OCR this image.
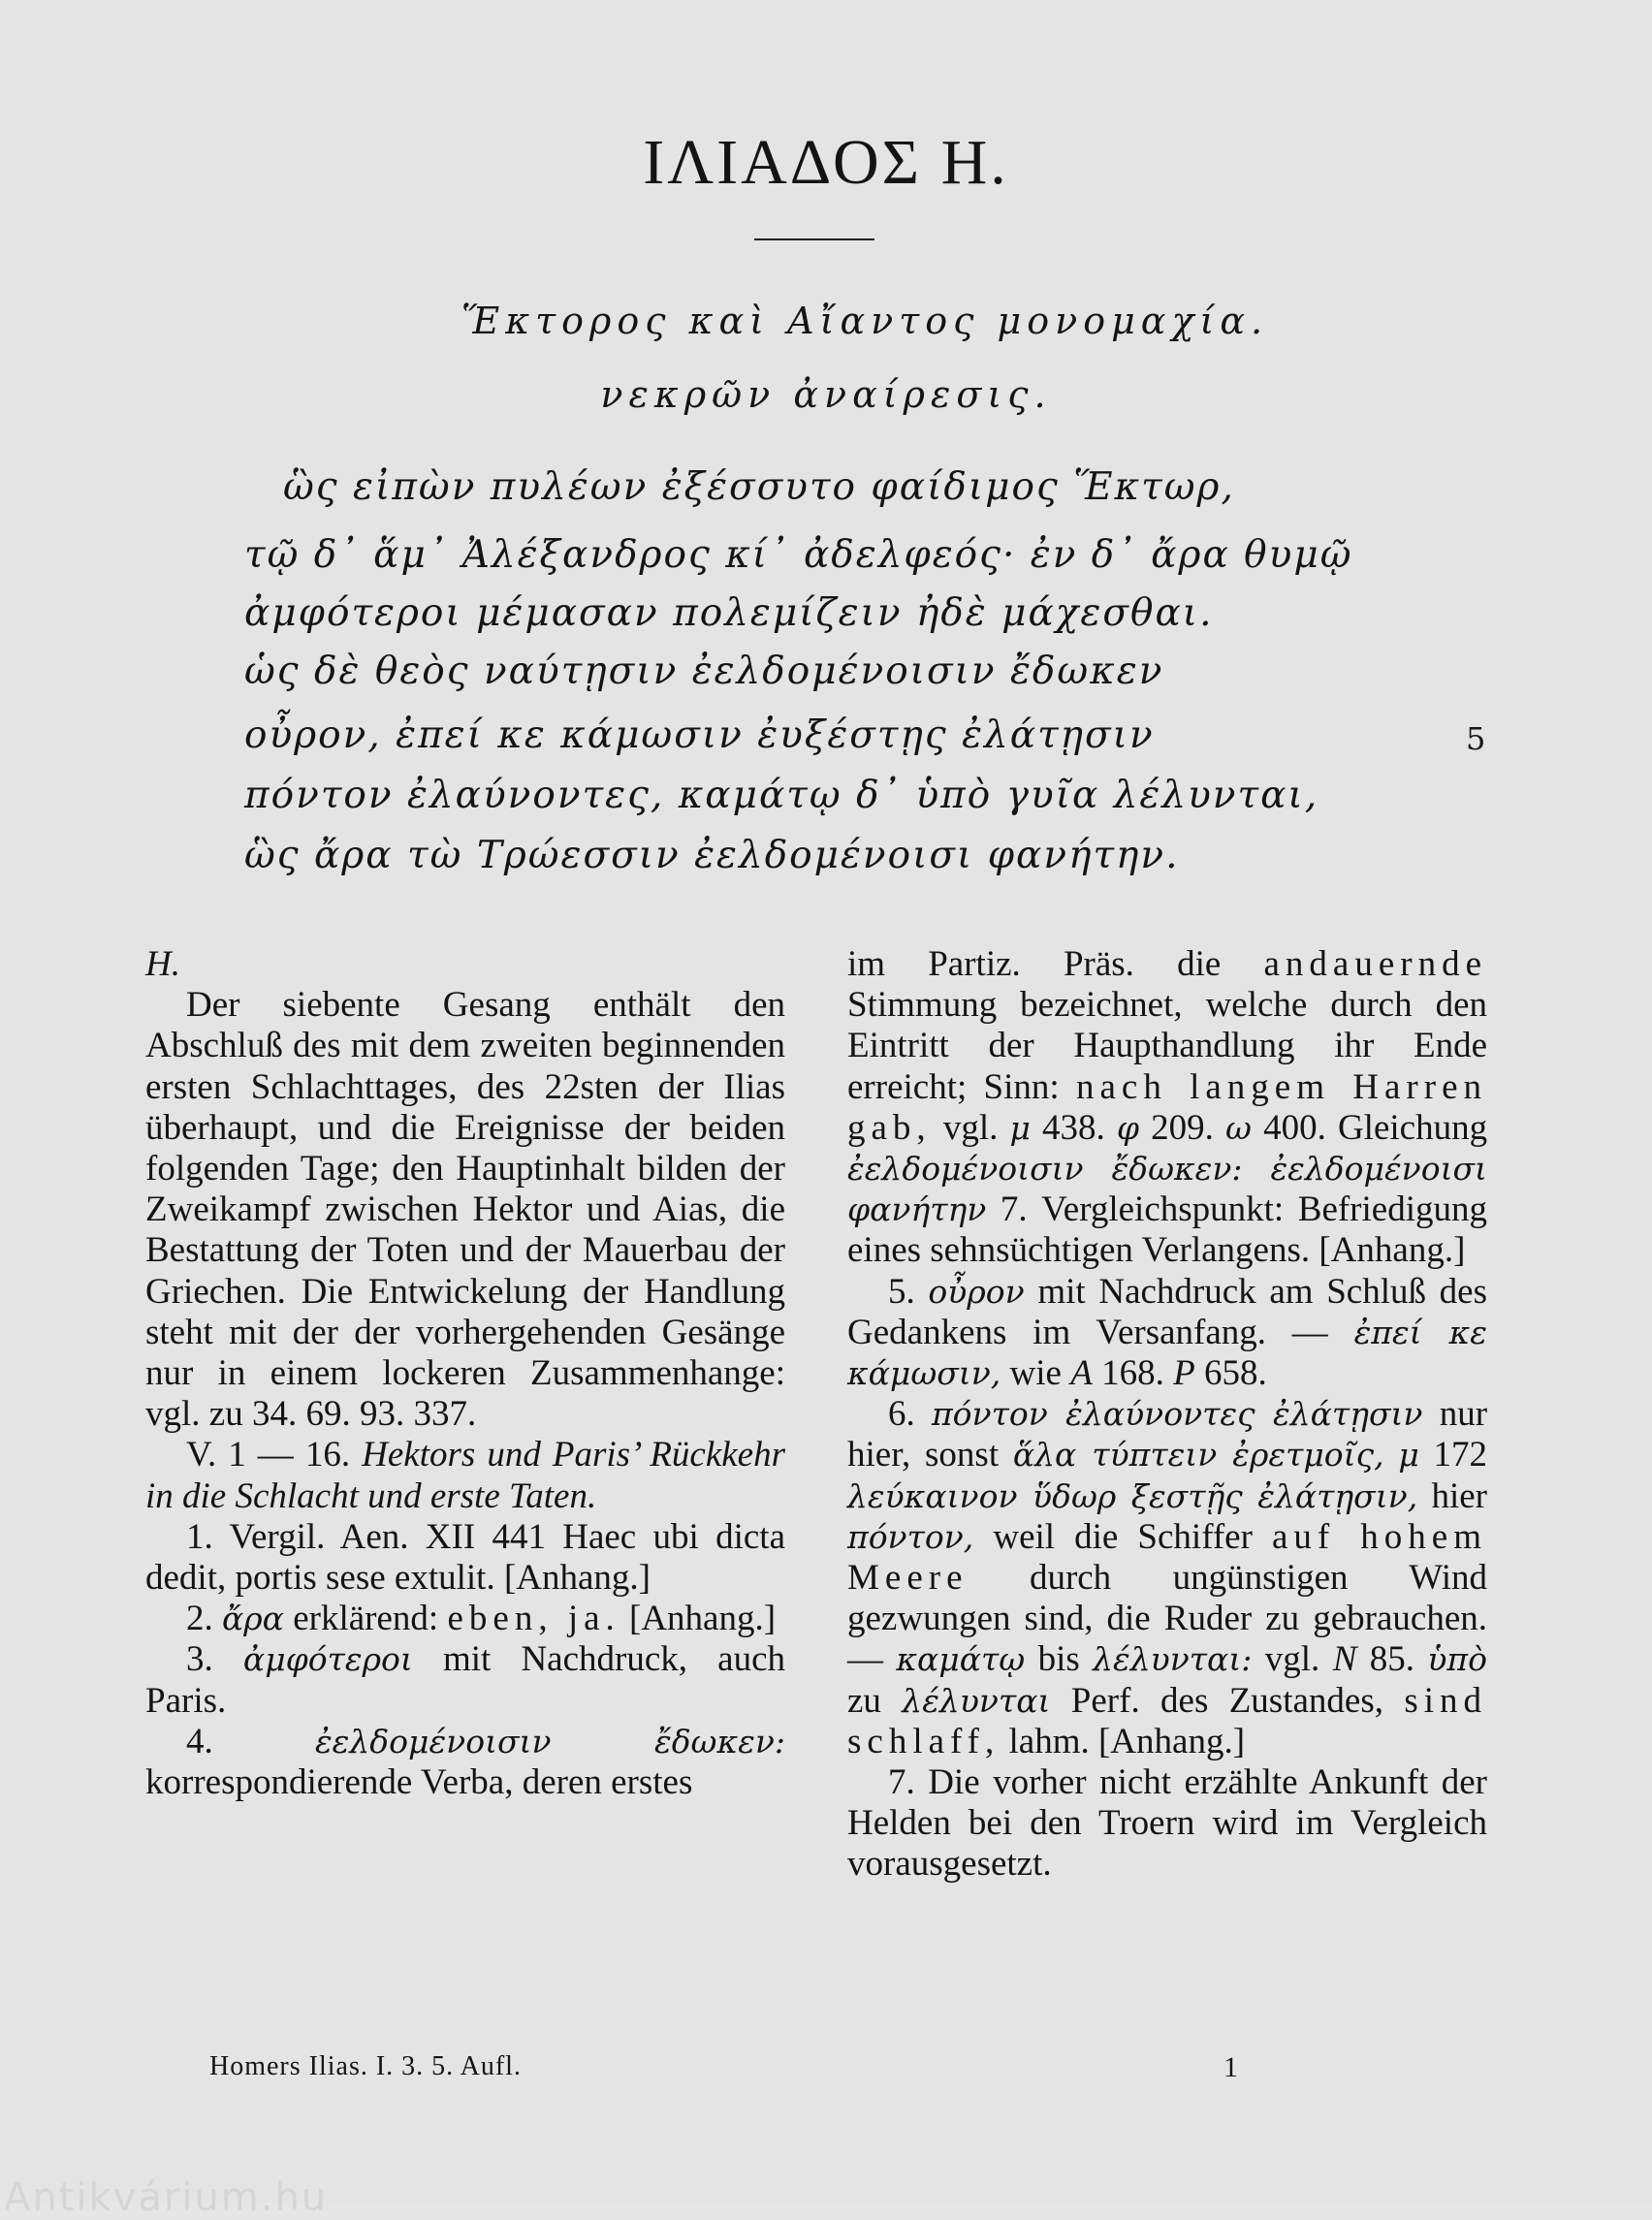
ΙΛΙΑΔΟΣ Η.
Ἕκτορος καὶ Αἴαντος μονομαχία.
νεκρῶν ἀναίρεσις.
ὣς εἰπὼν πυλέων ἐξέσσυτο φαίδιμος Ἕκτωρ,
τῷ δ᾽ ἅμ᾽ Ἀλέξανδρος κί᾽ ἀδελφεός· ἐν δ᾽ ἄρα θυμῷ
ἀμφότεροι μέμασαν πολεμίζειν ἠδὲ μάχεσθαι.
ὡς δὲ θεὸς ναύτῃσιν ἐελδομένοισιν ἔδωκεν
οὖρον, ἐπεί κε κάμωσιν ἐυξέστῃς ἐλάτῃσιν
πόντον ἐλαύνοντες, καμάτῳ δ᾽ ὑπὸ γυῖα λέλυνται,
ὣς ἄρα τὼ Τρώεσσιν ἐελδομένοισι φανήτην.
5

H.

Der siebente Gesang enthält den Abschluß des mit dem zweiten beginnenden ersten Schlachttages, des 22sten der Ilias überhaupt, und die Ereignisse der beiden folgenden Tage; den Hauptinhalt bilden der Zweikampf zwischen Hektor und Aias, die Bestattung der Toten und der Mauerbau der Griechen. Die Entwickelung der Handlung steht mit der der vorhergehenden Gesänge nur in einem lockeren Zusammenhange: vgl. zu 34. 69. 93. 337.

V. 1 — 16. Hektors und Paris’ Rückkehr in die Schlacht und erste Taten.

1. Vergil. Aen. XII 441 Haec ubi dicta dedit, portis sese extulit. [Anhang.]

2. ἄρα erklärend: eben, ja. [Anhang.]

3. ἀμφότεροι mit Nachdruck, auch Paris.

4.	ἐελδομένοισιν ἔδωκεν: korrespondierende Verba, deren erstes

im Partiz. Präs. die andauernde Stimmung bezeichnet, welche durch den Eintritt der Haupthandlung ihr Ende erreicht; Sinn: nach langem Harren gab, vgl. μ 438. φ 209. ω 400. Gleichung ἐελδομένοισιν ἔδωκεν: ἐελδομένοισι φανήτην 7. Vergleichspunkt: Befriedigung eines sehnsüchtigen Verlangens. [Anhang.]

5. οὖρον mit Nachdruck am Schluß des Gedankens im Versanfang. — ἐπεί κε κάμωσιν, wie A 168. P 658.

6. πόντον ἐλαύνοντες ἐλάτῃσιν nur hier, sonst ἅλα τύπτειν ἐρετμοῖς, μ 172 λεύκαινον ὕδωρ ξεστῇς ἐλάτῃσιν, hier πόντον, weil die Schiffer auf hohem Meere durch ungünstigen Wind gezwungen sind, die Ruder zu gebrauchen. — καμάτῳ bis λέλυνται: vgl. N 85. ὑπὸ zu λέλυνται Perf. des Zustandes, sind schlaff, lahm. [Anhang.]

7. Die vorher nicht erzählte Ankunft der Helden bei den Troern wird im Vergleich vorausgesetzt.

Homers Ilias. I. 3. 5. Aufl.	1
Antikvárium.hu
